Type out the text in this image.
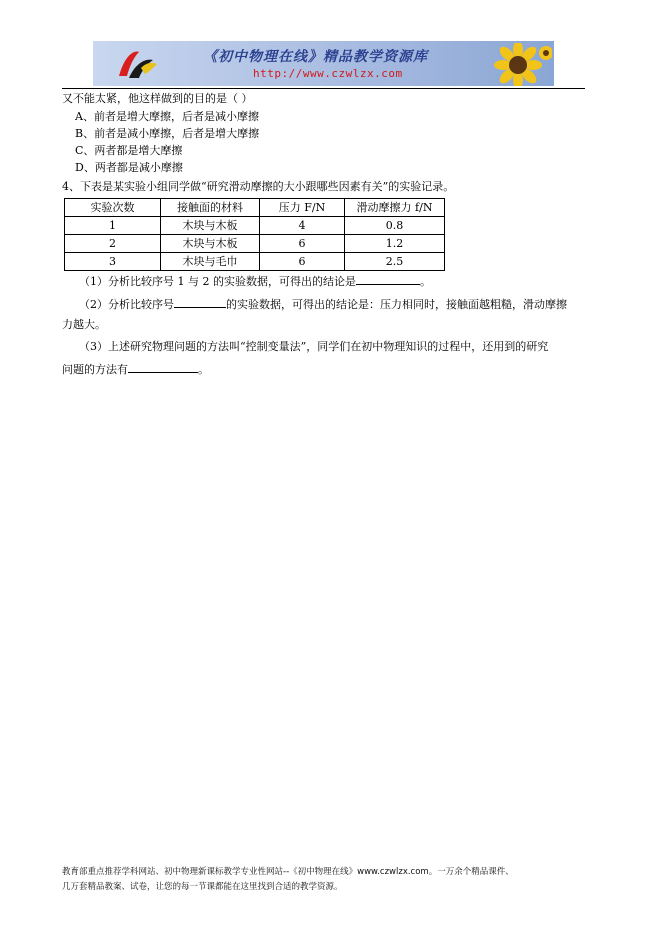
《初中物理在线》精品教学资源库
http://www.czwlzx.com
又不能太紧，他这样做到的目的是（ ）
A、前者是增大摩擦，后者是减小摩擦
B、前者是减小摩擦，后者是增大摩擦
C、两者都是增大摩擦
D、两者都是减小摩擦
4、下表是某实验小组同学做“研究滑动摩擦的大小跟哪些因素有关”的实验记录。
实验次数	接触面的材料	压力 F/N	滑动摩擦力 f/N
1	木块与木板	4	0.8
2	木块与木板	6	1.2
3	木块与毛巾	6	2.5
（1）分析比较序号 1 与 2 的实验数据，可得出的结论是	。
（2）分析比较序号	的实验数据，可得出的结论是：压力相同时，接触面越粗糙，滑动摩擦
力越大。
（3）上述研究物理问题的方法叫“控制变量法”，同学们在初中物理知识的过程中，还用到的研究
问题的方法有	。
教育部重点推荐学科网站、初中物理新课标教学专业性网站--《初中物理在线》www.czwlzx.com。一万余个精品课件、
几万套精品教案、试卷，让您的每一节课都能在这里找到合适的教学资源。
